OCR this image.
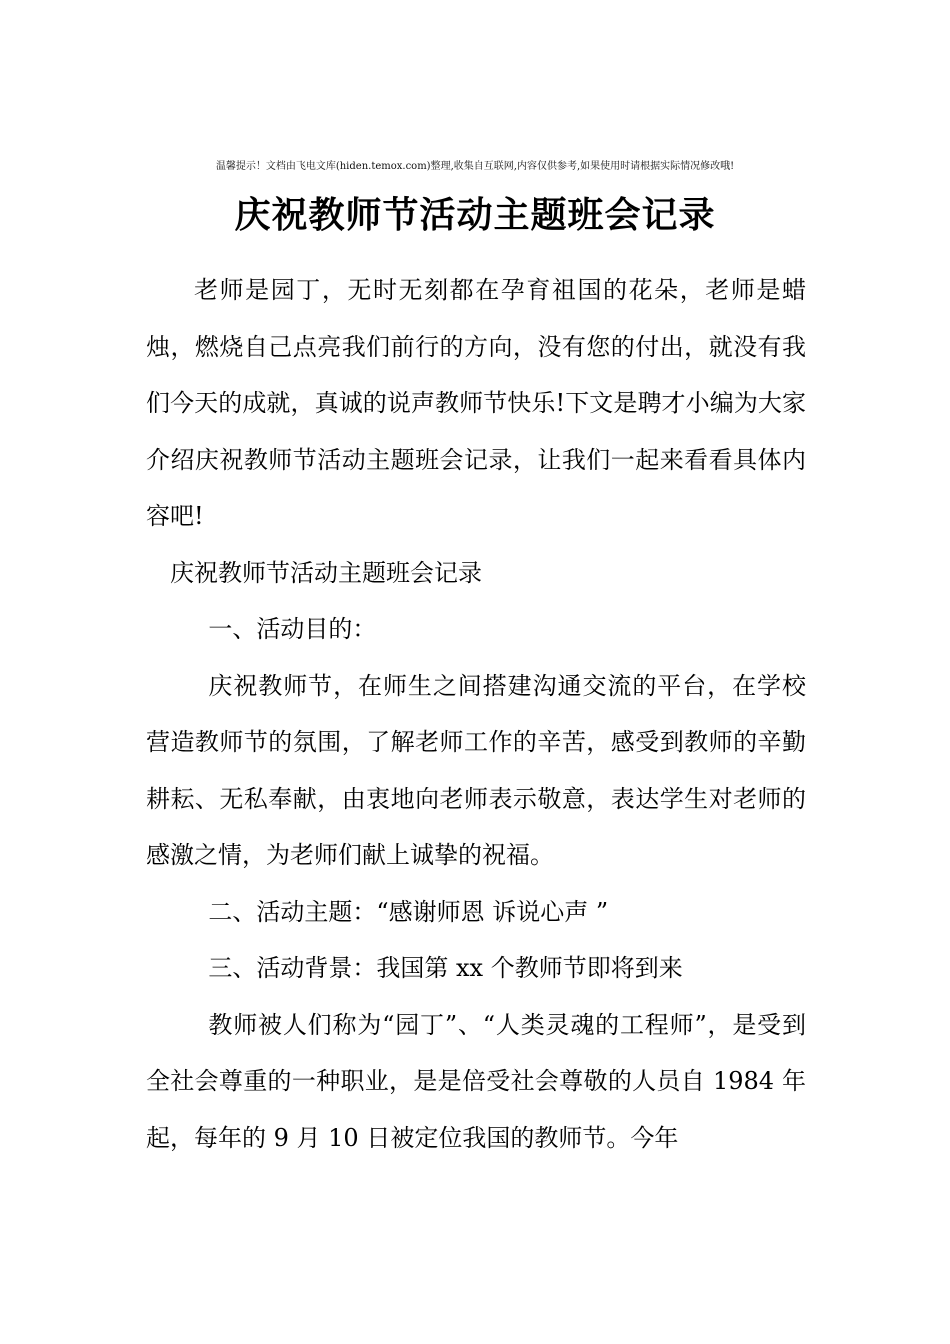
温馨提示！文档由飞电文库(hiden.temox.com)整理,收集自互联网,内容仅供参考,如果使用时请根据实际情况修改哦!
庆祝教师节活动主题班会记录

老师是园丁，无时无刻都在孕育祖国的花朵，老师是蜡烛，燃烧自己点亮我们前行的方向，没有您的付出，就没有我们今天的成就，真诚的说声教师节快乐!下文是聘才小编为大家介绍庆祝教师节活动主题班会记录，让我们一起来看看具体内容吧!

庆祝教师节活动主题班会记录

一、活动目的：

庆祝教师节，在师生之间搭建沟通交流的平台，在学校营造教师节的氛围，了解老师工作的辛苦，感受到教师的辛勤耕耘、无私奉献，由衷地向老师表示敬意，表达学生对老师的感激之情，为老师们献上诚挚的祝福。

二、活动主题：“感谢师恩 诉说心声 ”

三、活动背景：我国第 xx 个教师节即将到来

教师被人们称为“园丁”、“人类灵魂的工程师”，是受到全社会尊重的一种职业，是是倍受社会尊敬的人员自 1984 年起，每年的 9 月 10 日被定位我国的教师节。今年
